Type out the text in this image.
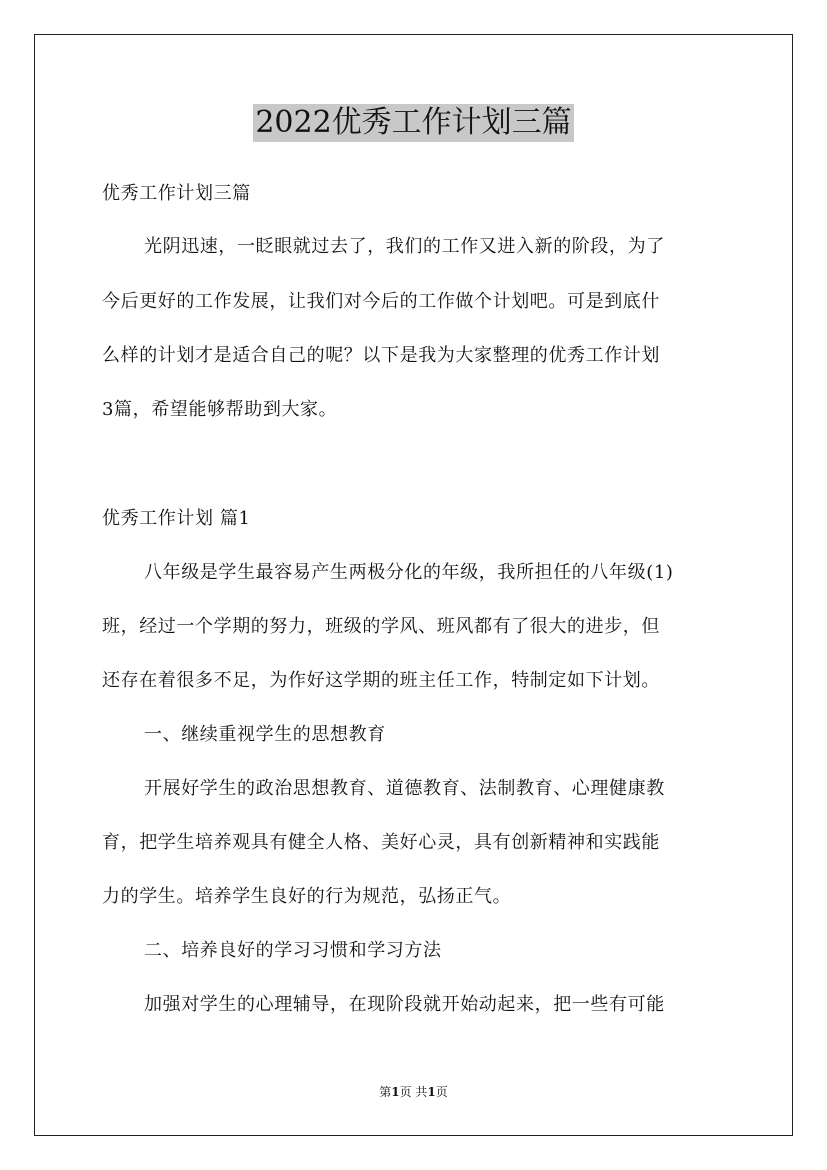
2022优秀工作计划三篇
优秀工作计划三篇
光阴迅速，一眨眼就过去了，我们的工作又进入新的阶段，为了
今后更好的工作发展，让我们对今后的工作做个计划吧。可是到底什
么样的计划才是适合自己的呢？以下是我为大家整理的优秀工作计划
3篇，希望能够帮助到大家。
优秀工作计划 篇1
八年级是学生最容易产生两极分化的年级，我所担任的八年级(1)
班，经过一个学期的努力，班级的学风、班风都有了很大的进步，但
还存在着很多不足，为作好这学期的班主任工作，特制定如下计划。
一、继续重视学生的思想教育
开展好学生的政治思想教育、道德教育、法制教育、心理健康教
育，把学生培养观具有健全人格、美好心灵，具有创新精神和实践能
力的学生。培养学生良好的行为规范，弘扬正气。
二、培养良好的学习习惯和学习方法
加强对学生的心理辅导，在现阶段就开始动起来，把一些有可能
第1页 共1页
